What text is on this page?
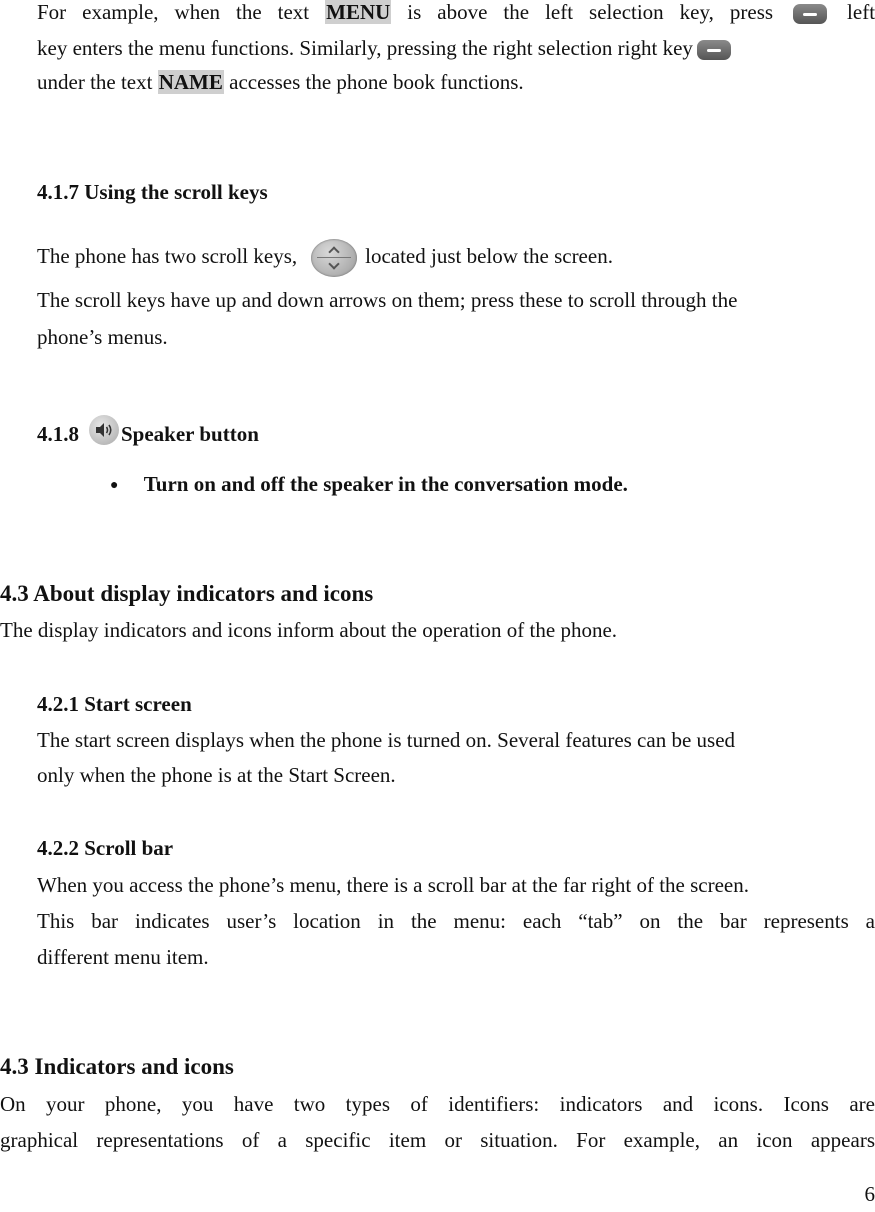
For example, when the text MENU is above the left selection key, press	left
key enters the menu functions. Similarly, pressing the right selection right key
under the text NAME accesses the phone book functions.
4.1.7 Using the scroll keys
The phone has two scroll keys,	located just below the screen.
The scroll keys have up and down arrows on them; press these to scroll through the
phone’s menus.
4.1.8 Speaker button
● Turn on and off the speaker in the conversation mode.
4.3 About display indicators and icons
The display indicators and icons inform about the operation of the phone.
4.2.1 Start screen
The start screen displays when the phone is turned on. Several features can be used
only when the phone is at the Start Screen.
4.2.2 Scroll bar
When you access the phone’s menu, there is a scroll bar at the far right of the screen.
This bar indicates user’s location in the menu: each “tab” on the bar represents a
different menu item.
4.3 Indicators and icons
On your phone, you have two types of identifiers: indicators and icons. Icons are
graphical representations of a specific item or situation. For example, an icon appears
6
